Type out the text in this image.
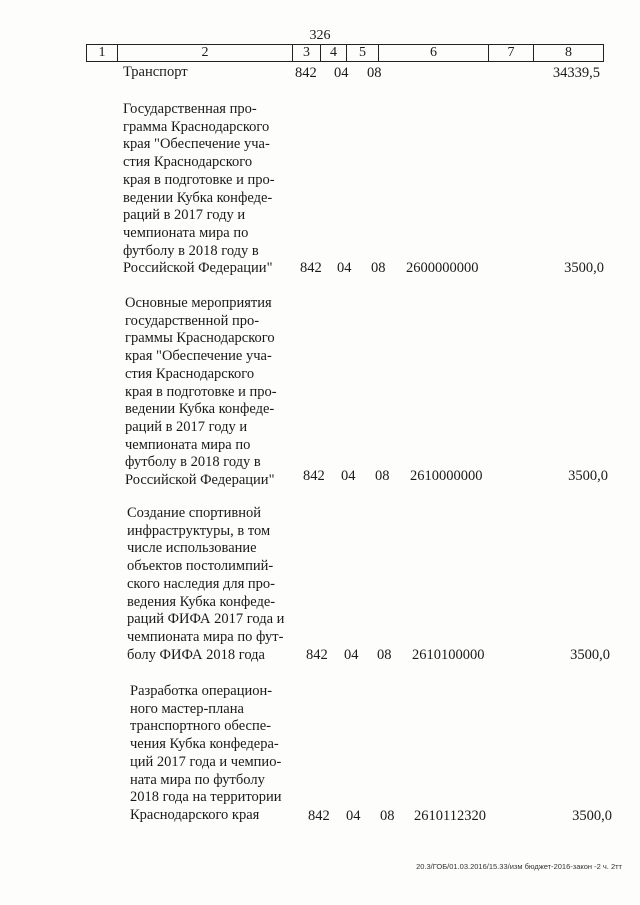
326
1	2	3	4	5	6	7	8
Транспорт	842 04 08	34339,5
Государственная про-
грамма Краснодарского
края "Обеспечение уча-
стия Краснодарского
края в подготовке и про-
ведении Кубка конфеде-
раций в 2017 году и
чемпионата мира по
футболу в 2018 году в
Российской Федерации"	842 04 08 2600000000	3500,0
Основные мероприятия
государственной про-
граммы Краснодарского
края "Обеспечение уча-
стия Краснодарского
края в подготовке и про-
ведении Кубка конфеде-
раций в 2017 году и
чемпионата мира по
футболу в 2018 году в
Российской Федерации"	842 04 08 2610000000	3500,0
Создание спортивной
инфраструктуры, в том
числе использование
объектов постолимпий-
ского наследия для про-
ведения Кубка конфеде-
раций ФИФА 2017 года и
чемпионата мира по фут-
болу ФИФА 2018 года	842 04 08 2610100000	3500,0
Разработка операцион-
ного мастер-плана
транспортного обеспе-
чения Кубка конфедера-
ций 2017 года и чемпио-
ната мира по футболу
2018 года на территории
Краснодарского края	842 04 08 2610112320	3500,0
20.3/ГОБ/01.03.2016/15.33/изм бюджет-2016-закон -2 ч. 2тт
